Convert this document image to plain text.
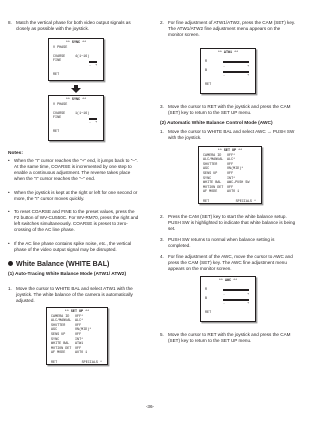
8. Match the vertical phase for both video output signals as closely as possible with the joystick.
** SYNC **
V PHASE
COARSE	4(1~16)
FINE
- +
RET
** SYNC **
V PHASE
COARSE	1(1~16)
FINE
- +
RET
Notes:
• When the "I" cursor reaches the "+" end, it jumps back to "–". At the same time, COARSE is incremented by one step to enable a continuous adjustment. The reverse takes place when the "I" cursor reaches the "–" end.
• When the joystick is kept at the right or left for one second or more, the "I" cursor moves quickly.
• To reset COARSE and FINE to the preset values, press the F2 button of WV-CU550C. For WV-RM70, press the right and left switches simultaneously. COARSE is preset to zero-crossing of the AC line phase.
• If the AC line phase contains spike noise, etc., the vertical phase of the video output signal may be disrupted.
White Balance (WHITE BAL)
(1) Auto-Tracing White Balance Mode (ATW1/ ATW2)
1. Move the cursor to WHITE BAL and select ATW1 with the joystick. The white balance of the camera is automatically adjusted.
** SET UP **
CAMERA ID OFF*
ALC/MANUAL ALC*
SHUTTER	OFF
AGC	ON(MID)*
SENS UP	OFF
SYNC	INT*
WHITE BAL ATW1
MOTION DET OFF
AF MODE	AUTO 1
RET	SPECIALS *
2. For fine adjustment of ATW1/ATW2, press the CAM (SET) key. The ATW1/ATW2 fine adjustment menu appears on the monitor screen.
** ATW1 **
R
-	+
B
-	+
RET
3. Move the cursor to RET with the joystick and press the CAM (SET) key to return to the SET UP menu.
(2) Automatic White Balance Control Mode (AWC)
1. Move the cursor to WHITE BAL and select AWC → PUSH SW with the joystick.
** SET UP **
CAMERA ID OFF*
ALC/MANUAL ALC*
SHUTTER	OFF
AGC	ON(MID)*
SENS UP	OFF
SYNC	INT*
WHITE BAL AWC→PUSH SW
MOTION DET OFF
AF MODE	AUTO 1
RET	SPECIALS *
2. Press the CAM (SET) key to start the white balance setup. PUSH SW is highlighted to indicate that white balance is being set.
3. PUSH SW returns to normal when balance setting is completed.
4. For fine adjustment of the AWC, move the cursor to AWC and press the CAM (SET) key. The AWC fine adjustment menu appears on the monitor screen.
** AWC **
R
-	+
B
-	+
RET
5. Move the cursor to RET with the joystick and press the CAM (SET) key to return to the SET UP menu.
-36-
